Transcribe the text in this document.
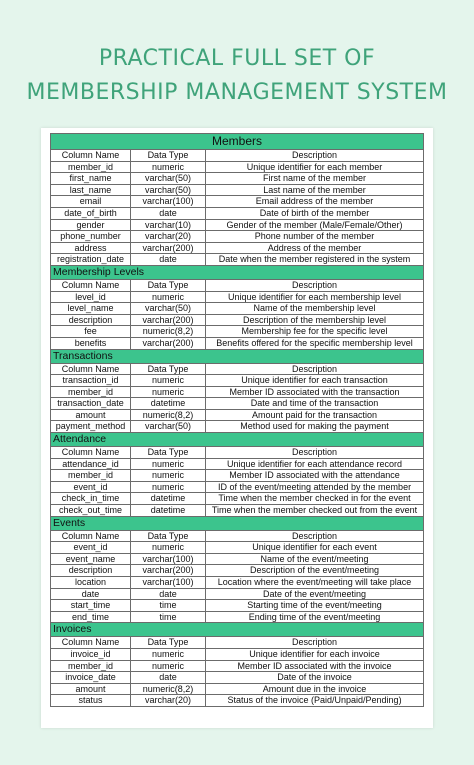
PRACTICAL FULL SET OF
MEMBERSHIP MANAGEMENT SYSTEM
Members		
Column Name	Data Type	Description
member_id	numeric	Unique identifier for each member
first_name	varchar(50)	First name of the member
last_name	varchar(50)	Last name of the member
email	varchar(100)	Email address of the member
date_of_birth	date	Date of birth of the member
gender	varchar(10)	Gender of the member (Male/Female/Other)
phone_number	varchar(20)	Phone number of the member
address	varchar(200)	Address of the member
registration_date	date	Date when the member registered in the system
Membership Levels		
Column Name	Data Type	Description
level_id	numeric	Unique identifier for each membership level
level_name	varchar(50)	Name of the membership level
description	varchar(200)	Description of the membership level
fee	numeric(8,2)	Membership fee for the specific level
benefits	varchar(200)	Benefits offered for the specific membership level
Transactions		
Column Name	Data Type	Description
transaction_id	numeric	Unique identifier for each transaction
member_id	numeric	Member ID associated with the transaction
transaction_date	datetime	Date and time of the transaction
amount	numeric(8,2)	Amount paid for the transaction
payment_method	varchar(50)	Method used for making the payment
Attendance		
Column Name	Data Type	Description
attendance_id	numeric	Unique identifier for each attendance record
member_id	numeric	Member ID associated with the attendance
event_id	numeric	ID of the event/meeting attended by the member
check_in_time	datetime	Time when the member checked in for the event
check_out_time	datetime	Time when the member checked out from the event
Events		
Column Name	Data Type	Description
event_id	numeric	Unique identifier for each event
event_name	varchar(100)	Name of the event/meeting
description	varchar(200)	Description of the event/meeting
location	varchar(100)	Location where the event/meeting will take place
date	date	Date of the event/meeting
start_time	time	Starting time of the event/meeting
end_time	time	Ending time of the event/meeting
Invoices		
Column Name	Data Type	Description
invoice_id	numeric	Unique identifier for each invoice
member_id	numeric	Member ID associated with the invoice
invoice_date	date	Date of the invoice
amount	numeric(8,2)	Amount due in the invoice
status	varchar(20)	Status of the invoice (Paid/Unpaid/Pending)
